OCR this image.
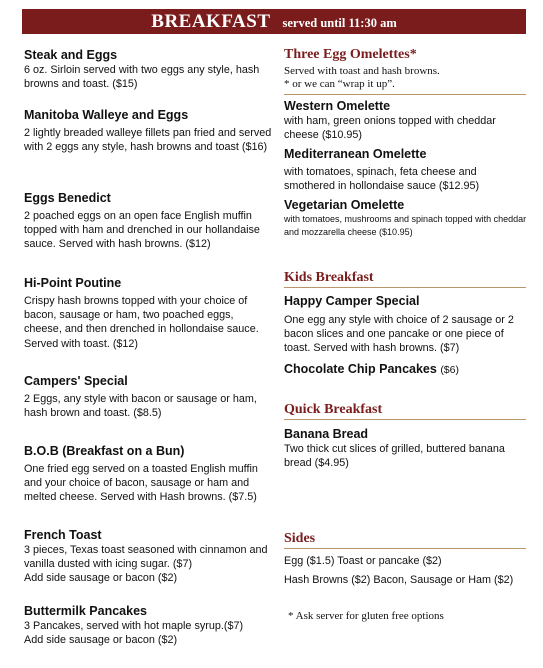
BREAKFAST served until 11:30 am
Steak and Eggs
6 oz. Sirloin served with two eggs any style, hash browns and toast. ($15)
Manitoba Walleye and Eggs
2 lightly breaded walleye fillets pan fried and served with 2 eggs any style, hash browns and toast ($16)
Eggs Benedict
2 poached eggs on an open face English muffin topped with ham and drenched in our hollandaise sauce. Served with hash browns. ($12)
Hi-Point Poutine
Crispy hash browns topped with your choice of bacon, sausage or ham, two poached eggs, cheese, and then drenched in hollondaise sauce. Served with toast. ($12)
Campers' Special
2 Eggs, any style with bacon or sausage or ham, hash brown and toast. ($8.5)
B.O.B (Breakfast on a Bun)
One fried egg served on a toasted English muffin and your choice of bacon, sausage or ham and melted cheese. Served with Hash browns. ($7.5)
French Toast
3 pieces, Texas toast seasoned with cinnamon and vanilla dusted with icing sugar. ($7)
Add side sausage or bacon ($2)
Buttermilk Pancakes
3 Pancakes, served with hot maple syrup.($7)
Add side sausage or bacon ($2)
Three Egg Omelettes*
Served with toast and hash browns.
* or we can “wrap it up”.
Western Omelette
with ham, green onions topped with cheddar cheese ($10.95)
Mediterranean Omelette
with tomatoes, spinach, feta cheese and smothered in hollondaise sauce ($12.95)
Vegetarian Omelette
with tomatoes, mushrooms and spinach topped with cheddar and mozzarella cheese ($10.95)
Kids Breakfast
Happy Camper Special
One egg any style with choice of 2 sausage or 2 bacon slices and one pancake or one piece of toast. Served with hash browns. ($7)
Chocolate Chip Pancakes ($6)
Quick Breakfast
Banana Bread
Two thick cut slices of grilled, buttered banana bread ($4.95)
Sides
Egg ($1.5) Toast or pancake ($2)
Hash Browns ($2) Bacon, Sausage or Ham ($2)
* Ask server for gluten free options
